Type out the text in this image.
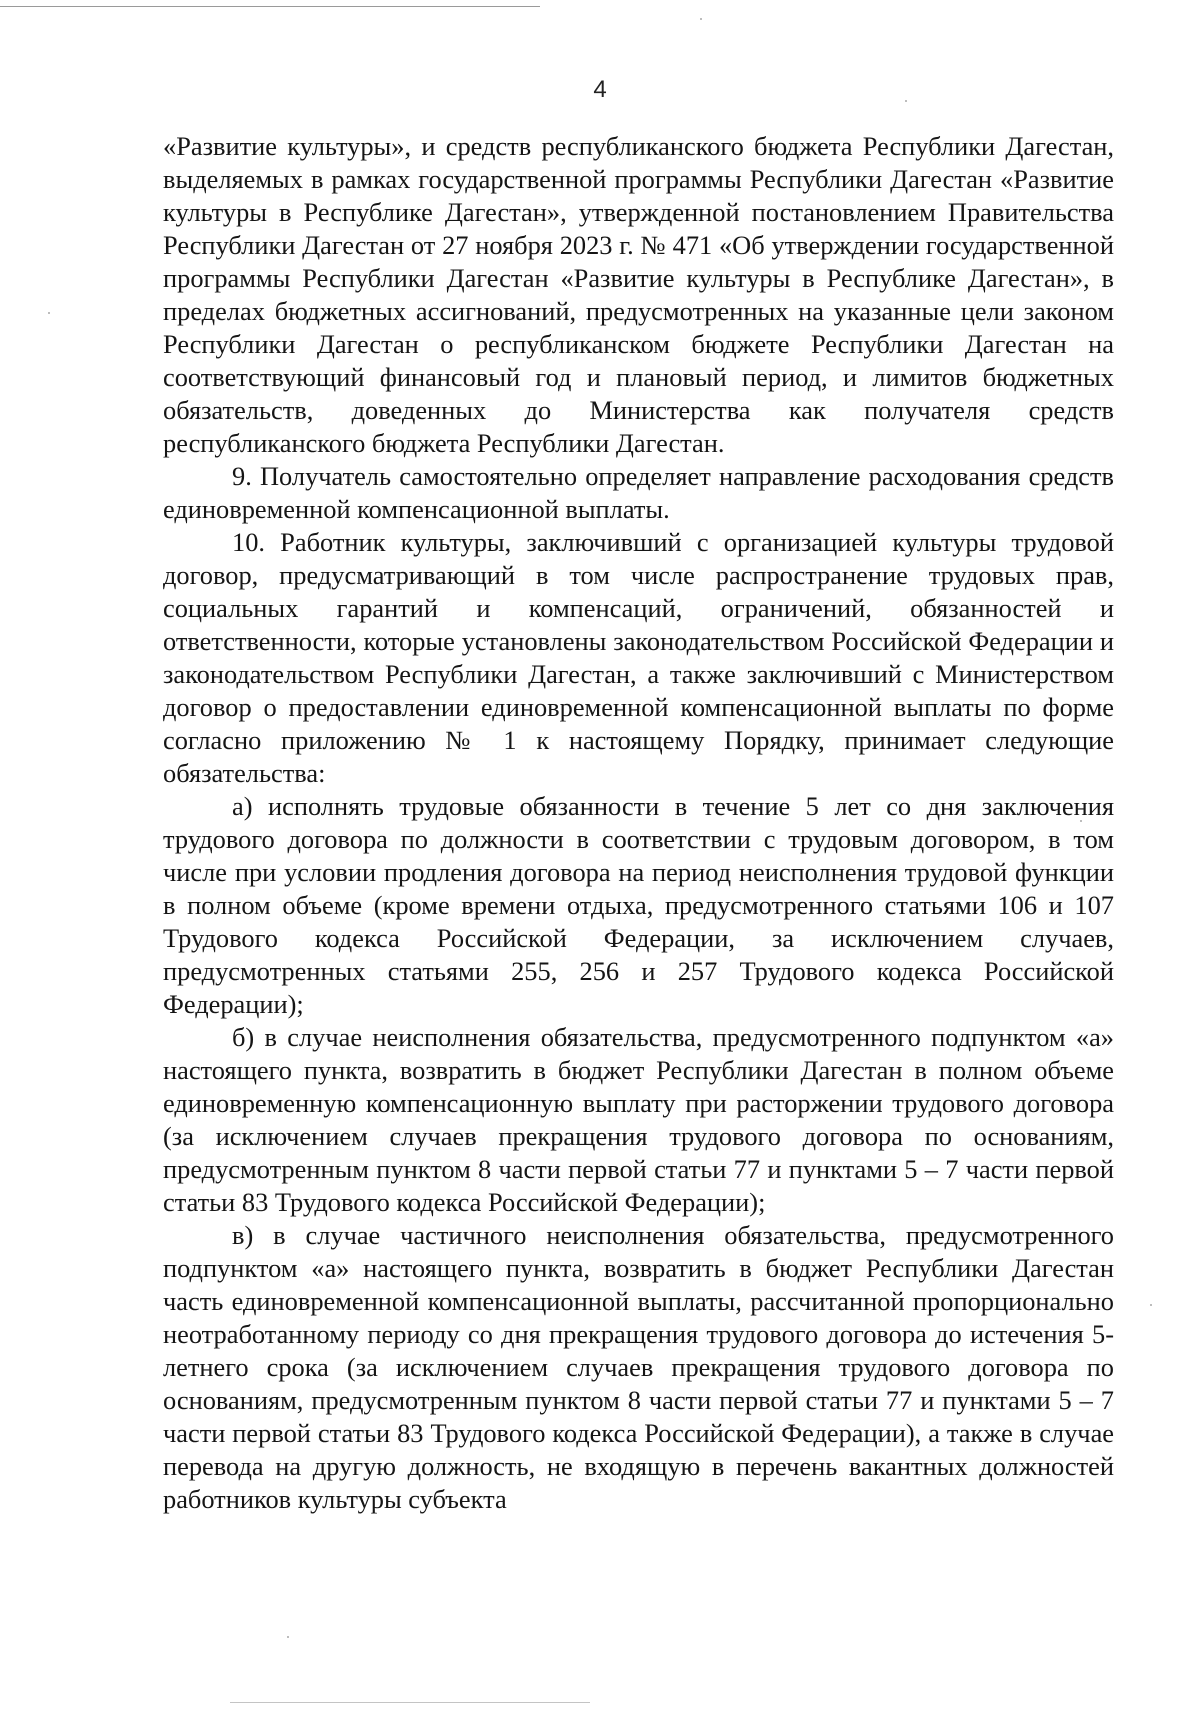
4

«Развитие культуры», и средств республиканского бюджета Республики Дагестан, выделяемых в рамках государственной программы Республики Дагестан «Развитие культуры в Республике Дагестан», утвержденной постановлением Правительства Республики Дагестан от 27 ноября 2023 г. № 471 «Об утверждении государственной программы Республики Дагестан «Развитие культуры в Республике Дагестан», в пределах бюджетных ассигнований, предусмотренных на указанные цели законом Республики Дагестан о республиканском бюджете Республики Дагестан на соответствующий финансовый год и плановый период, и лимитов бюджетных обязательств, доведенных до Министерства как получателя средств республиканского бюджета Республики Дагестан.

9. Получатель самостоятельно определяет направление расходования средств единовременной компенсационной выплаты.

10. Работник культуры, заключивший с организацией культуры трудовой договор, предусматривающий в том числе распространение трудовых прав, социальных гарантий и компенсаций, ограничений, обязанностей и ответственности, которые установлены законодательством Российской Федерации и законодательством Республики Дагестан, а также заключивший с Министерством договор о предоставлении единовременной компенсационной выплаты по форме согласно приложению № 1 к настоящему Порядку, принимает следующие обязательства:

а) исполнять трудовые обязанности в течение 5 лет со дня заключения трудового договора по должности в соответствии с трудовым договором, в том числе при условии продления договора на период неисполнения трудовой функции в полном объеме (кроме времени отдыха, предусмотренного статьями 106 и 107 Трудового кодекса Российской Федерации, за исключением случаев, предусмотренных статьями 255, 256 и 257 Трудового кодекса Российской Федерации);

б) в случае неисполнения обязательства, предусмотренного подпунктом «а» настоящего пункта, возвратить в бюджет Республики Дагестан в полном объеме единовременную компенсационную выплату при расторжении трудового договора (за исключением случаев прекращения трудового договора по основаниям, предусмотренным пунктом 8 части первой статьи 77 и пунктами 5 – 7 части первой статьи 83 Трудового кодекса Российской Федерации);

в) в случае частичного неисполнения обязательства, предусмотренного подпунктом «а» настоящего пункта, возвратить в бюджет Республики Дагестан часть единовременной компенсационной выплаты, рассчитанной пропорционально неотработанному периоду со дня прекращения трудового договора до истечения 5-летнего срока (за исключением случаев прекращения трудового договора по основаниям, предусмотренным пунктом 8 части первой статьи 77 и пунктами 5 – 7 части первой статьи 83 Трудового кодекса Российской Федерации), а также в случае перевода на другую должность, не входящую в перечень вакантных должностей работников культуры субъекта
